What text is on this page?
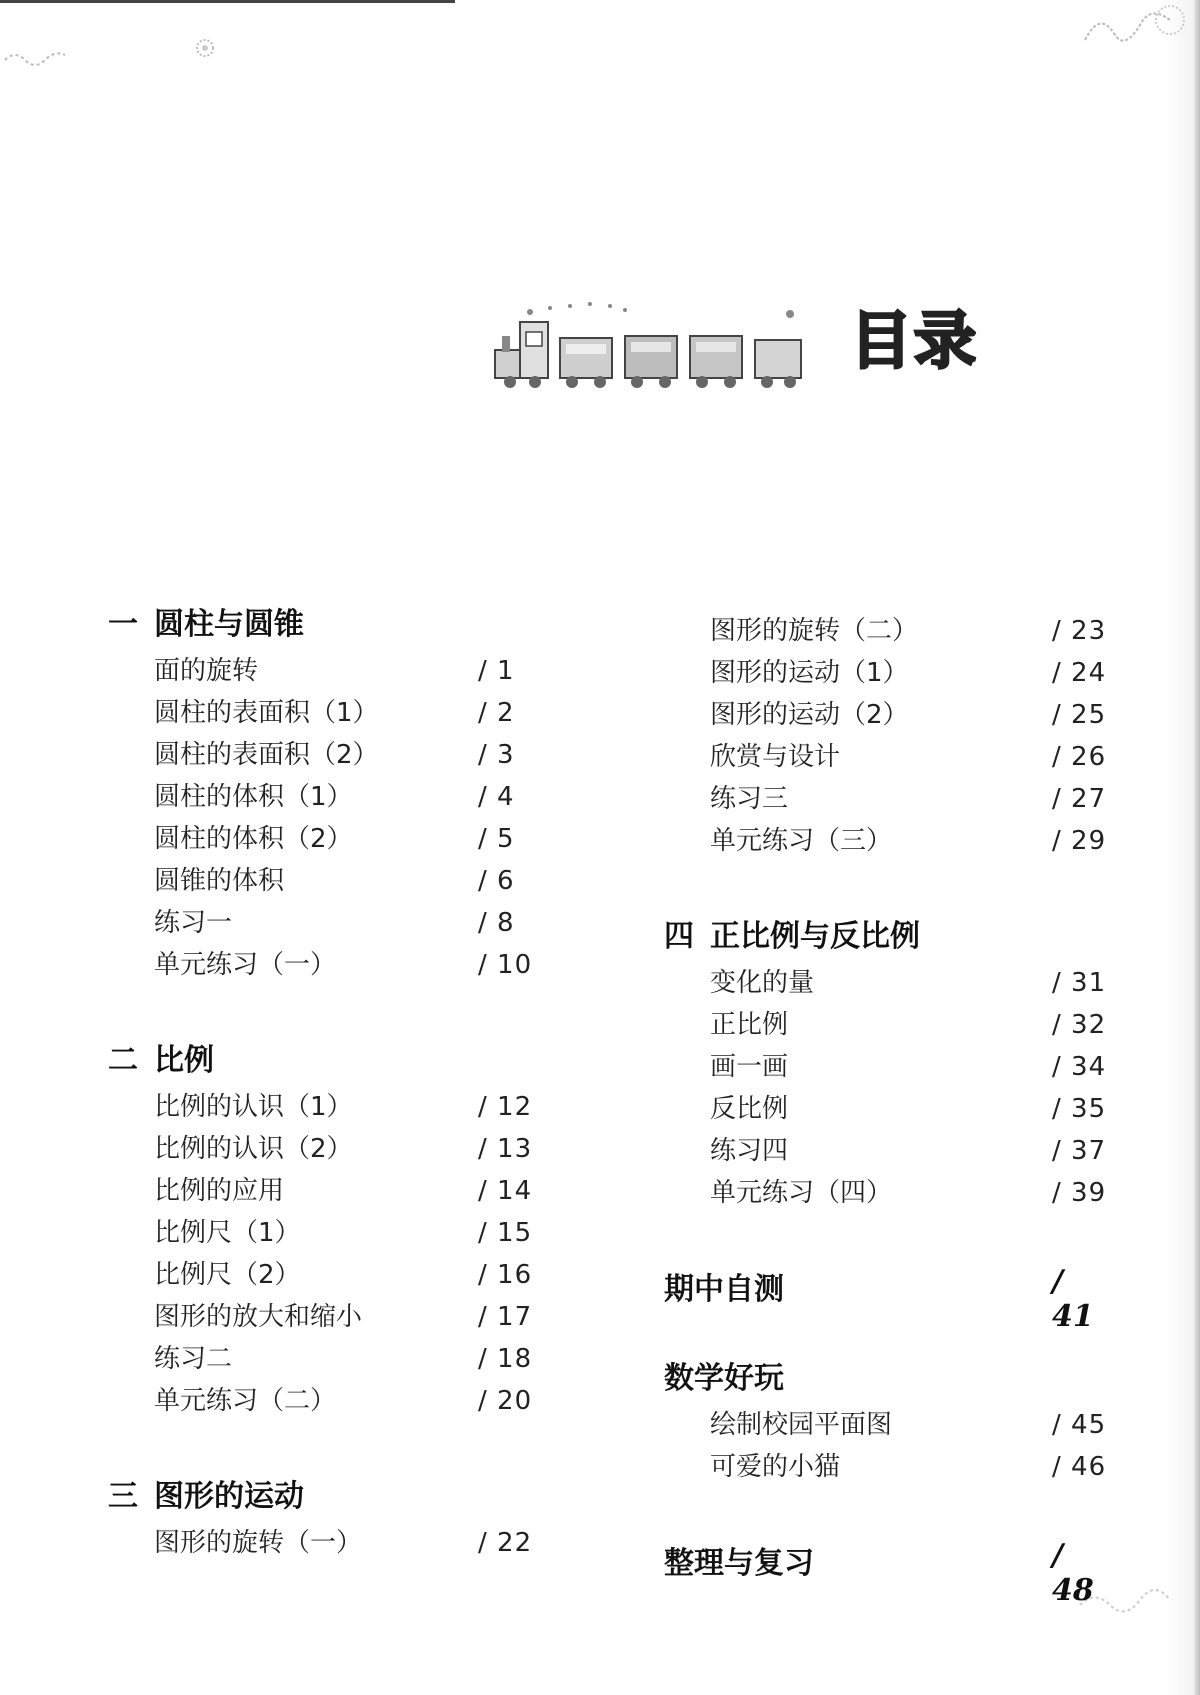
目录
一 圆柱与圆锥
面的旋转	/ 1
圆柱的表面积（1）	/ 2
圆柱的表面积（2）	/ 3
圆柱的体积（1）	/ 4
圆柱的体积（2）	/ 5
圆锥的体积	/ 6
练习一	/ 8
单元练习（一）	/ 10
二 比例
比例的认识（1）	/ 12
比例的认识（2）	/ 13
比例的应用	/ 14
比例尺（1）	/ 15
比例尺（2）	/ 16
图形的放大和缩小	/ 17
练习二	/ 18
单元练习（二）	/ 20
三 图形的运动
图形的旋转（一）	/ 22
图形的旋转（二）	/ 23
图形的运动（1）	/ 24
图形的运动（2）	/ 25
欣赏与设计	/ 26
练习三	/ 27
单元练习（三）	/ 29
四 正比例与反比例
变化的量	/ 31
正比例	/ 32
画一画	/ 34
反比例	/ 35
练习四	/ 37
单元练习（四）	/ 39
期中自测	/ 41
数学好玩
绘制校园平面图	/ 45
可爱的小猫	/ 46
整理与复习	/ 48
